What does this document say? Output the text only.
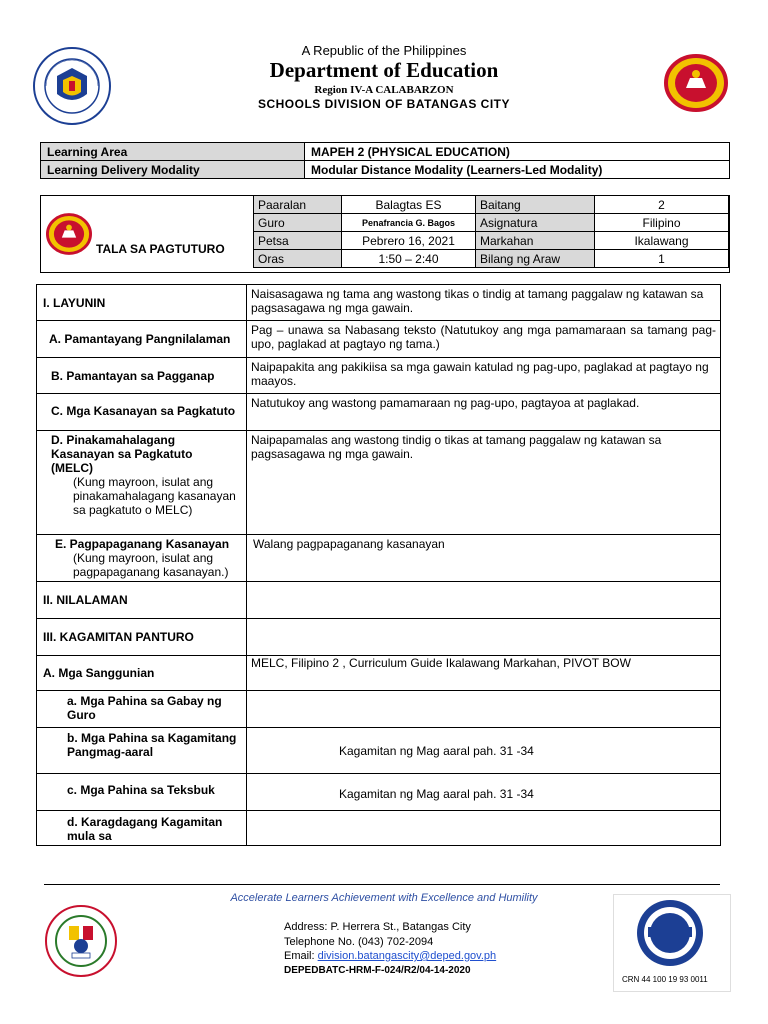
A Republic of the Philippines
Department of Education
Region IV-A CALABARZON
SCHOOLS DIVISION OF BATANGAS CITY
Learning Area	MAPEH 2 (PHYSICAL EDUCATION)
Learning Delivery Modality	Modular Distance Modality (Learners-Led Modality)
TALA SA PAGTUTURO
Paaralan	Balagtas ES	Baitang	2
Guro	Penafrancia G. Bagos	Asignatura	Filipino
Petsa	Pebrero 16, 2021	Markahan	Ikalawang
Oras	1:50 – 2:40	Bilang ng Araw	1
I. LAYUNIN	Naisasagawa ng tama ang wastong tikas o tindig at tamang paggalaw ng katawan sa pagsasagawa ng mga gawain.
A. Pamantayang Pangnilalaman	Pag – unawa sa Nabasang teksto (Natutukoy ang mga pamamaraan sa tamang pag-upo, paglakad at pagtayo ng tama.)
B. Pamantayan sa Pagganap	Naipapakita ang pakikiisa sa mga gawain katulad ng pag-upo, paglakad at pagtayo ng maayos.
C. Mga Kasanayan sa Pagkatuto	Natutukoy ang wastong pamamaraan ng pag-upo, pagtayoa at paglakad.

D. Pinakamahalagang Kasanayan sa Pagkatuto (MELC)
(Kung mayroon, isulat ang pinakamahalagang kasanayan sa pagkatuto o MELC)	Naipapamalas ang wastong tindig o tikas at tamang paggalaw ng katawan sa pagsasagawa ng mga gawain.

E. Pagpapaganang Kasanayan
(Kung mayroon, isulat ang pagpapaganang kasanayan.)	Walang pagpapaganang kasanayan
II. NILALAMAN	
III. KAGAMITAN PANTURO	
A. Mga Sanggunian	MELC, Filipino 2 , Curriculum Guide Ikalawang Markahan, PIVOT BOW
a. Mga Pahina sa Gabay ng Guro	
b. Mga Pahina sa Kagamitang Pangmag-aaral	Kagamitan ng Mag aaral pah. 31 -34
c. Mga Pahina sa Teksbuk	Kagamitan ng Mag aaral pah. 31 -34
d. Karagdagang Kagamitan mula sa	
Accelerate Learners Achievement with Excellence and Humility
Address: P. Herrera St., Batangas City
Telephone No. (043) 702-2094
Email: division.batangascity@deped.gov.ph
DEPEDBATC-HRM-F-024/R2/04-14-2020
CRN 44 100 19 93 0011
